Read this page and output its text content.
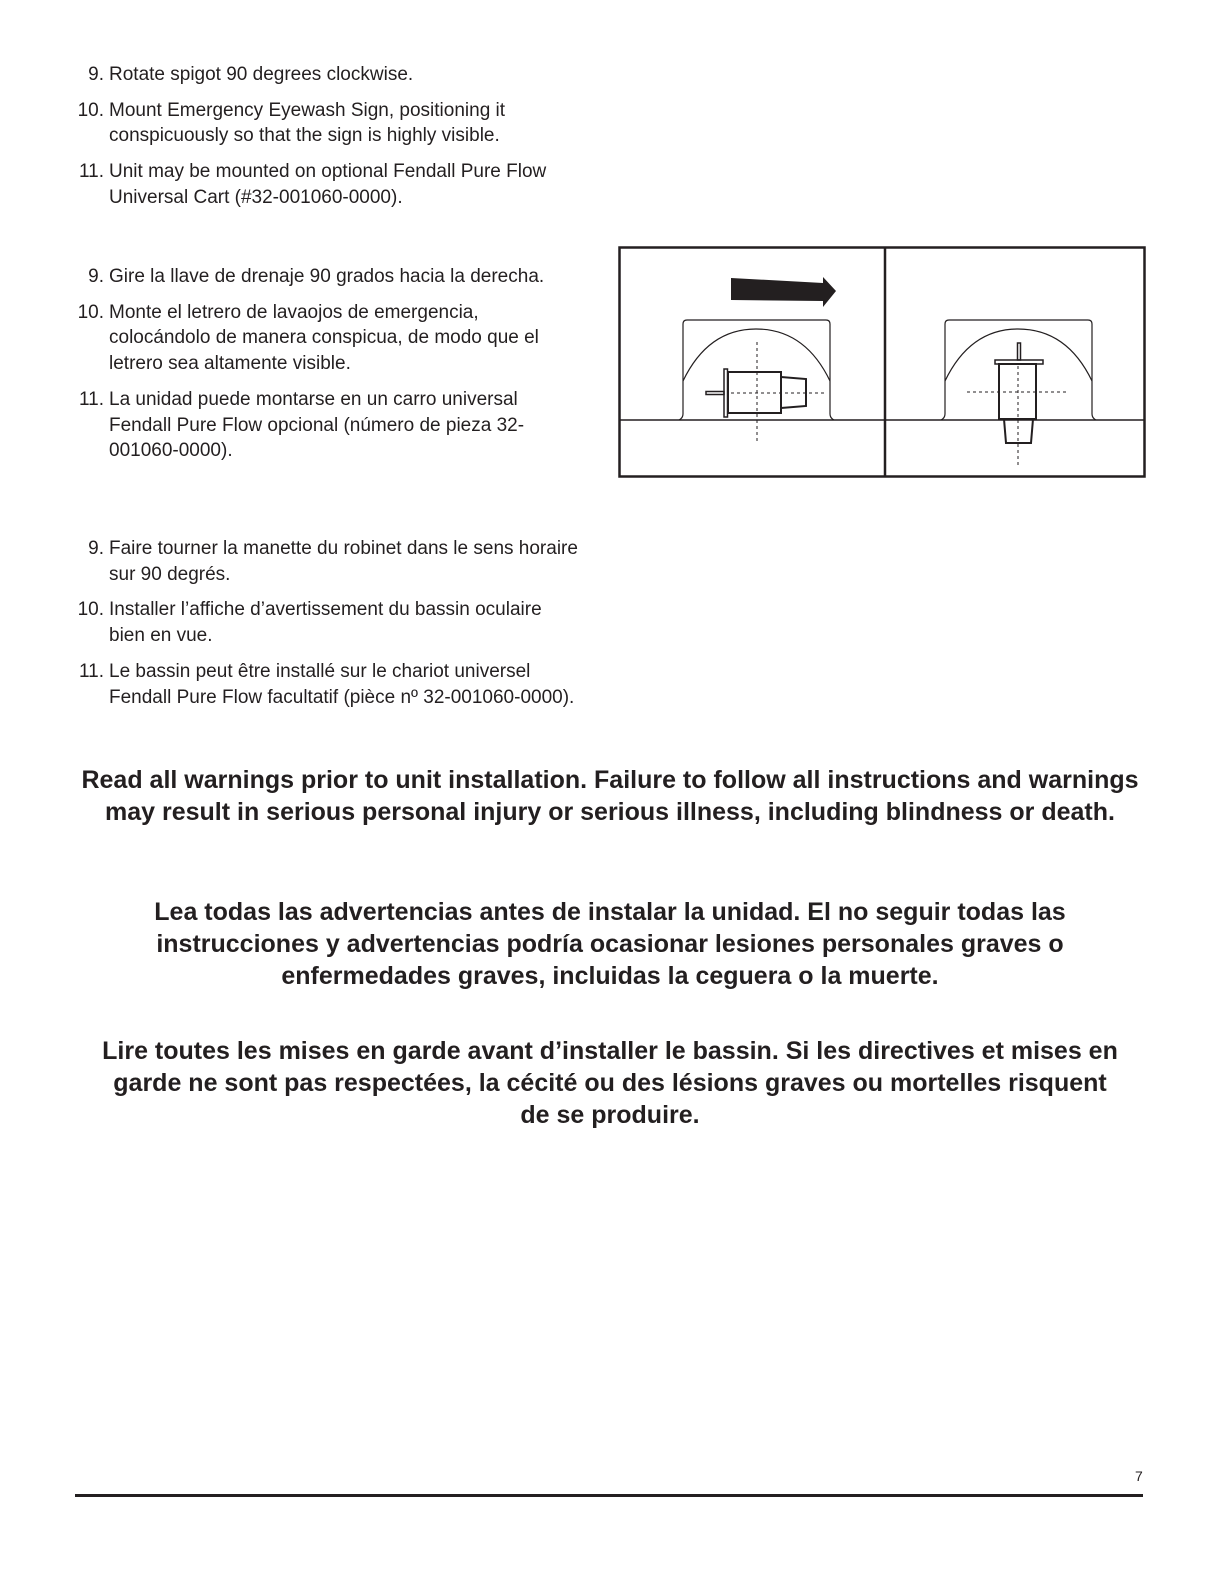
9. Rotate spigot 90 degrees clockwise.
10. Mount Emergency Eyewash Sign, positioning it conspicuously so that the sign is highly visible.
11. Unit may be mounted on optional Fendall Pure Flow Universal Cart (#32-001060-0000).
9. Gire la llave de drenaje 90 grados hacia la derecha.
10. Monte el letrero de lavaojos de emergencia, colocándolo de manera conspicua, de modo que el letrero sea altamente visible.
11. La unidad puede montarse en un carro universal Fendall Pure Flow opcional (número de pieza 32-001060-0000).
9. Faire tourner la manette du robinet dans le sens horaire sur 90 degrés.
10. Installer l’affiche d’avertissement du bassin oculaire bien en vue.
11. Le bassin peut être installé sur le chariot universel Fendall Pure Flow facultatif (pièce nº 32-001060-0000).
Read all warnings prior to unit installation. Failure to follow all instructions and warnings may result in serious personal injury or serious illness, including blindness or death.
Lea todas las advertencias antes de instalar la unidad. El no seguir todas las instrucciones y advertencias podría ocasionar lesiones personales graves o enfermedades graves, incluidas la ceguera o la muerte.
Lire toutes les mises en garde avant d’installer le bassin. Si les directives et mises en garde ne sont pas respectées, la cécité ou des lésions graves ou mortelles risquent de se produire.
7
